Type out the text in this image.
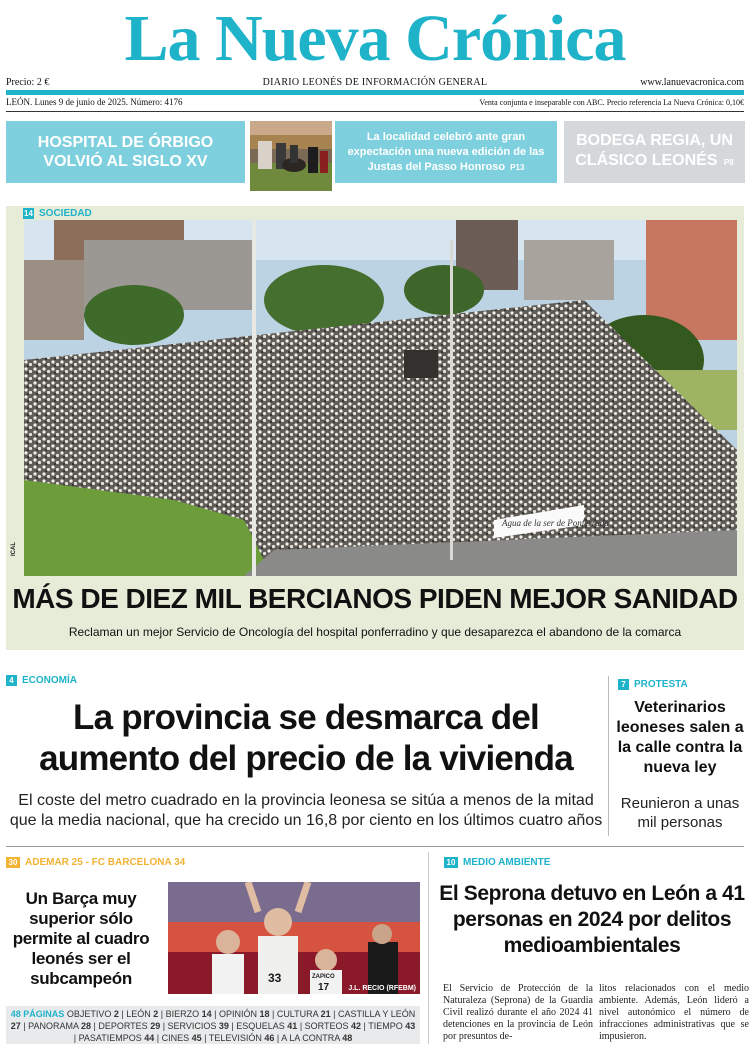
La Nueva Crónica
DIARIO LEONÉS DE INFORMACIÓN GENERAL
Precio: 2 €	www.lanuevacronica.com
LEÓN. Lunes 9 de junio de 2025. Número: 4176	Venta conjunta e inseparable con ABC. Precio referencia La Nueva Crónica: 0,10€
HOSPITAL DE ÓRBIGO VOLVIÓ AL SIGLO XV
La localidad celebró ante gran expectación una nueva edición de las Justas del Passo Honroso P13
BODEGA REGIA, UN CLÁSICO LEONÉS P8
14 SOCIEDAD
Agua de la ser de Ponferrada
ICAL
MÁS DE DIEZ MIL BERCIANOS PIDEN MEJOR SANIDAD
Reclaman un mejor Servicio de Oncología del hospital ponferradino y que desaparezca el abandono de la comarca
4 ECONOMÍA
La provincia se desmarca del aumento del precio de la vivienda
El coste del metro cuadrado en la provincia leonesa se sitúa a menos de la mitad que la media nacional, que ha crecido un 16,8 por ciento en los últimos cuatro años
7 PROTESTA
Veterinarios leoneses salen a la calle contra la nueva ley
Reunieron a unas mil personas
30 ADEMAR 25 - FC BARCELONA 34
Un Barça muy superior sólo permite al cuadro leonés ser el subcampeón	33	ZAPICO
17	J.L. RECIO (RFEBM)
48 PÁGINAS OBJETIVO 2 | LEÓN 2 | BIERZO 14 | OPINIÓN 18 | CULTURA 21 | CASTILLA Y LEÓN 27 | PANORAMA 28 | DEPORTES 29 | SERVICIOS 39 | ESQUELAS 41 | SORTEOS 42 | TIEMPO 43 | PASATIEMPOS 44 | CINES 45 | TELEVISIÓN 46 | A LA CONTRA 48
10 MEDIO AMBIENTE
El Seprona detuvo en León a 41 personas en 2024 por delitos medioambientales
El Servicio de Protección de la Naturaleza (Seprona) de la Guardia Civil realizó durante el año 2024 41 detenciones en la provincia de León por presuntos de-
litos relacionados con el medio ambiente. Además, León lideró a nivel autonómico el número de infracciones administrativas que se impusieron.
